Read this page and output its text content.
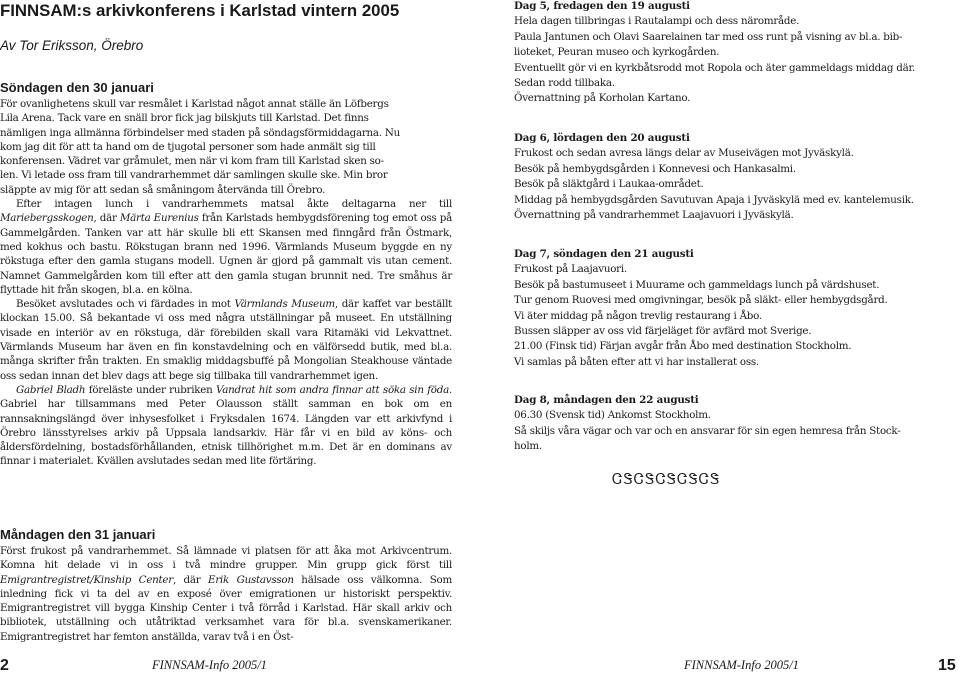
FINNSAM:s arkivkonferens i Karlstad vintern 2005
Av Tor Eriksson, Örebro
Söndagen den 30 januari

För ovanlighetens skull var resmålet i Karlstad något annat ställe än Löfbergs
Lila Arena. Tack vare en snäll bror fick jag bilskjuts till Karlstad. Det finns
nämligen inga allmänna förbindelser med staden på söndagsförmiddagarna. Nu
kom jag dit för att ta hand om de tjugotal personer som hade anmält sig till
konferensen. Vädret var gråmulet, men när vi kom fram till Karlstad sken so-
len. Vi letade oss fram till vandrarhemmet där samlingen skulle ske. Min bror
släppte av mig för att sedan så småningom återvända till Örebro.

Efter intagen lunch i vandrarhemmets matsal åkte deltagarna ner till Mariebergsskogen, där Märta Eurenius från Karlstads hembygdsförening tog emot oss på Gammelgården. Tanken var att här skulle bli ett Skansen med finngård från Östmark, med kokhus och bastu. Rökstugan brann ned 1996. Värmlands Museum byggde en ny rökstuga efter den gamla stugans modell. Ugnen är gjord på gammalt vis utan cement. Namnet Gammelgården kom till efter att den gamla stugan brunnit ned. Tre småhus är flyttade hit från skogen, bl.a. en kölna.

Besöket avslutades och vi färdades in mot Värmlands Museum, där kaffet var beställt klockan 15.00. Så bekantade vi oss med några utställningar på museet. En utställning visade en interiör av en rökstuga, där förebilden skall vara Ritamäki vid Lekvattnet. Värmlands Museum har även en fin konstavdelning och en välförsedd butik, med bl.a. många skrifter från trakten. En smaklig middagsbuffé på Mongolian Steakhouse väntade oss sedan innan det blev dags att bege sig tillbaka till vandrarhemmet igen.

Gabriel Bladh föreläste under rubriken Vandrat hit som andra finnar att söka sin föda. Gabriel har tillsammans med Peter Olausson ställt samman en bok om en rannsakningslängd över inhysesfolket i Fryksdalen 1674. Längden var ett arkivfynd i Örebro länsstyrelses arkiv på Uppsala landsarkiv. Här får vi en bild av köns- och åldersfördelning, bostadsförhållanden, etnisk tillhörighet m.m. Det är en dominans av finnar i materialet. Kvällen avslutades sedan med lite förtäring.

Måndagen den 31 januari

Först frukost på vandrarhemmet. Så lämnade vi platsen för att åka mot Arkivcentrum. Komna hit delade vi in oss i två mindre grupper. Min grupp gick först till Emigrantregistret/Kinship Center, där Erik Gustavsson hälsade oss välkomna. Som inledning fick vi ta del av en exposé över emigrationen ur historiskt perspektiv. Emigrantregistret vill bygga Kinship Center i två förråd i Karlstad. Här skall arkiv och bibliotek, utställning och utåtriktad verksamhet vara för bl.a. svenskamerikaner. Emigrantregistret har femton anställda, varav två i en Öst-

2	FINNSAM-Info 2005/1
Dag 5, fredagen den 19 augusti
Hela dagen tillbringas i Rautalampi och dess närområde.
Paula Jantunen och Olavi Saarelainen tar med oss runt på visning av bl.a. bib-
lioteket, Peuran museo och kyrkogården.
Eventuellt gör vi en kyrkbåtsrodd mot Ropola och äter gammeldags middag där.
Sedan rodd tillbaka.
Övernattning på Korholan Kartano.
Dag 6, lördagen den 20 augusti
Frukost och sedan avresa längs delar av Museivägen mot Jyväskylä.
Besök på hembygdsgården i Konnevesi och Hankasalmi.
Besök på släktgård i Laukaa-området.
Middag på hembygdsgården Savutuvan Apaja i Jyväskylä med ev. kantelemusik.
Övernattning på vandrarhemmet Laajavuori i Jyväskylä.
Dag 7, söndagen den 21 augusti
Frukost på Laajavuori.
Besök på bastumuseet i Muurame och gammeldags lunch på värdshuset.
Tur genom Ruovesi med omgivningar, besök på släkt- eller hembygdsgård.
Vi äter middag på någon trevlig restaurang i Åbo.
Bussen släpper av oss vid färjeläget för avfärd mot Sverige.
21.00 (Finsk tid) Färjan avgår från Åbo med destination Stockholm.
Vi samlas på båten efter att vi har installerat oss.
Dag 8, måndagen den 22 augusti
06.30 (Svensk tid) Ankomst Stockholm.
Så skiljs våra vägar och var och en ansvarar för sin egen hemresa från Stock-
holm.
ᏣᏕᏣᏕᏣᏕᏣᏕᏣᏕ
FINNSAM-Info 2005/1	15
